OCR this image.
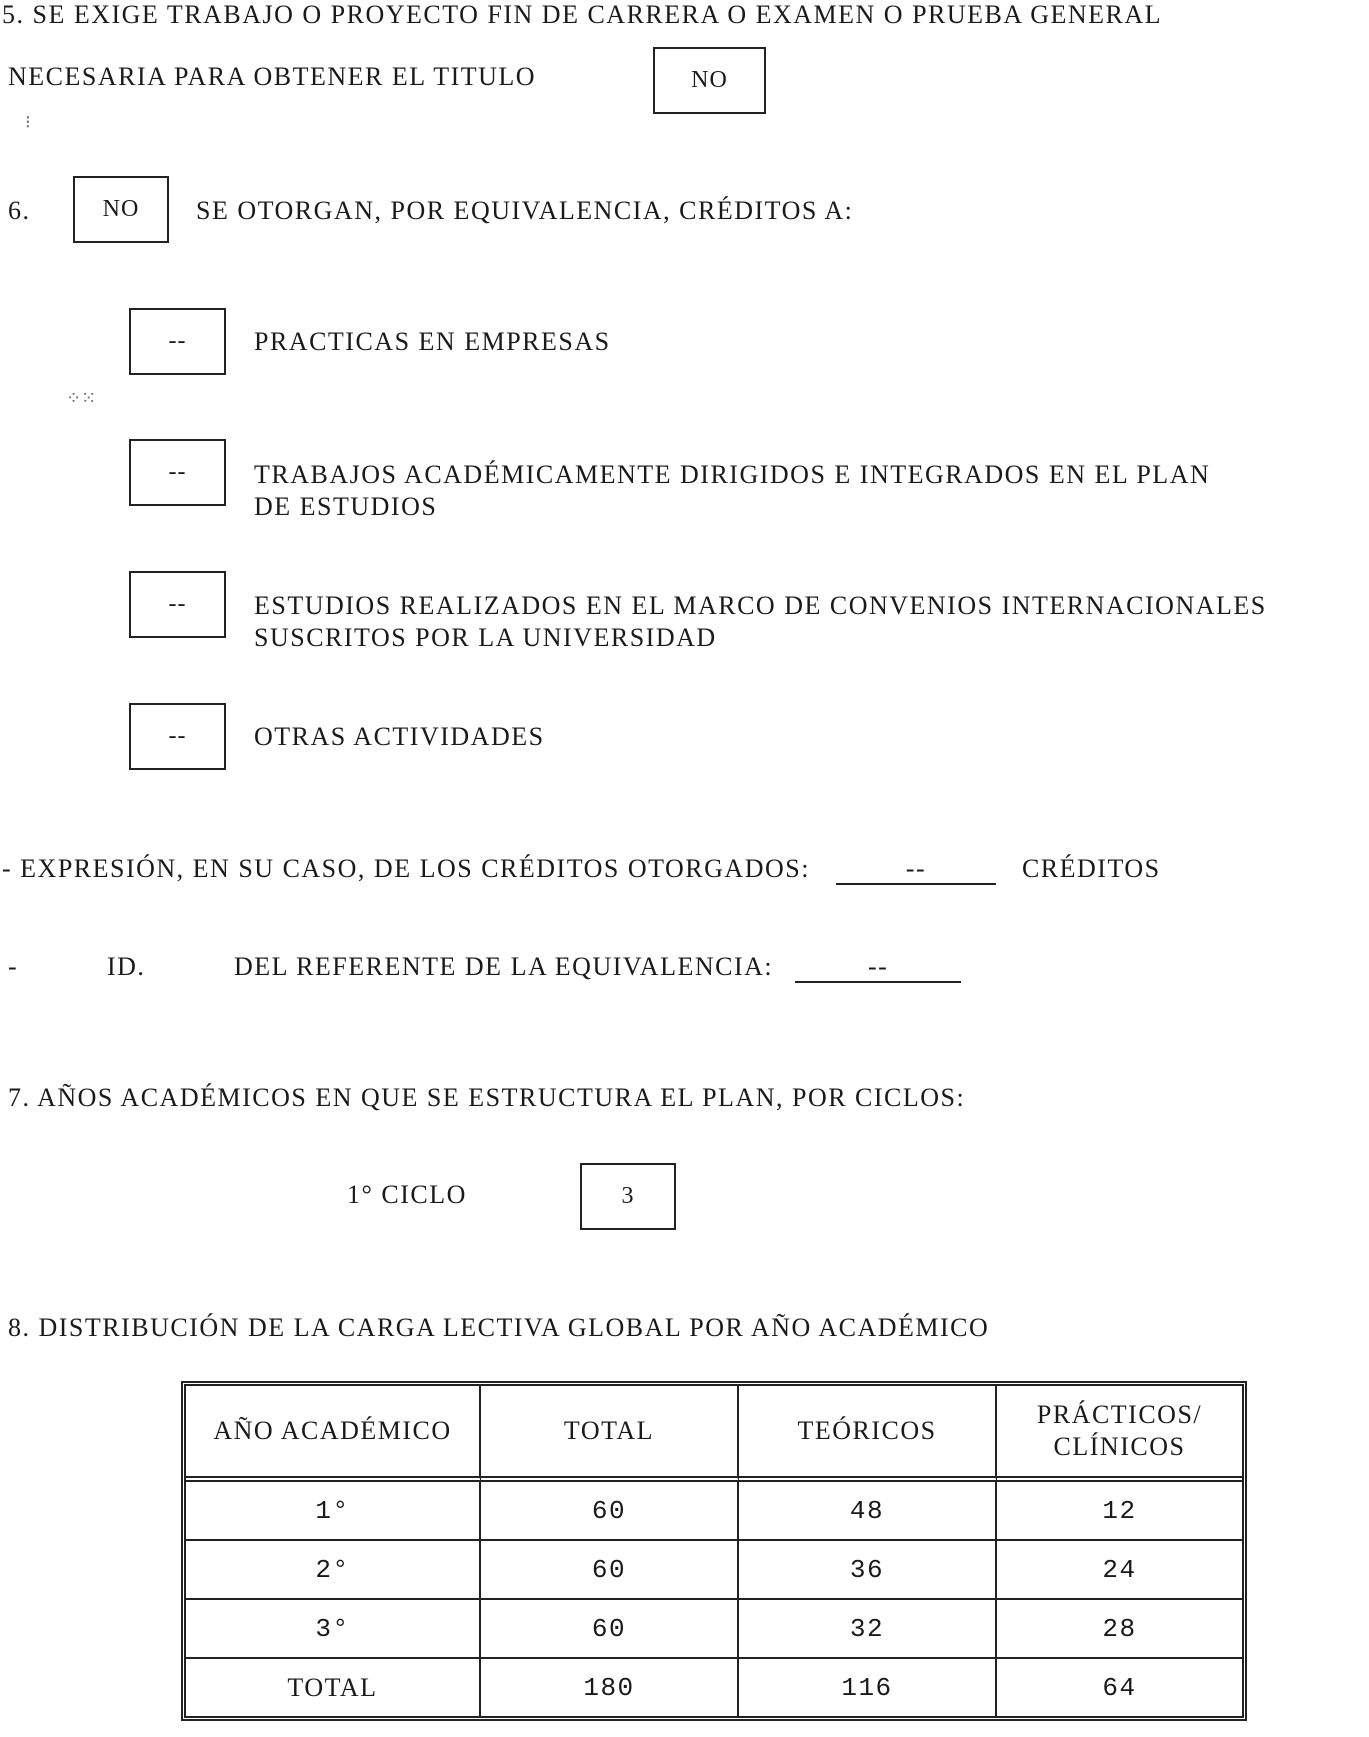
5. SE EXIGE TRABAJO O PROYECTO FIN DE CARRERA O EXAMEN O PRUEBA GENERAL
NECESARIA PARA OBTENER EL TITULO	NO
⁝
6.	NO	SE OTORGAN, POR EQUIVALENCIA, CRÉDITOS A:
--	PRACTICAS EN EMPRESAS
⁘⁙
--	TRABAJOS ACADÉMICAMENTE DIRIGIDOS E INTEGRADOS EN EL PLAN
DE ESTUDIOS
--	ESTUDIOS REALIZADOS EN EL MARCO DE CONVENIOS INTERNACIONALES
SUSCRITOS POR LA UNIVERSIDAD
--	OTRAS ACTIVIDADES
- EXPRESIÓN, EN SU CASO, DE LOS CRÉDITOS OTORGADOS:	--	CRÉDITOS
-	ID.	DEL REFERENTE DE LA EQUIVALENCIA:	--
7. AÑOS ACADÉMICOS EN QUE SE ESTRUCTURA EL PLAN, POR CICLOS:
1° CICLO	3
8. DISTRIBUCIÓN DE LA CARGA LECTIVA GLOBAL POR AÑO ACADÉMICO
AÑO ACADÉMICO	TOTAL	TEÓRICOS	PRÁCTICOS/
CLÍNICOS

1°	60	48	12
2°	60	36	24
3°	60	32	28
TOTAL	180	116	64
